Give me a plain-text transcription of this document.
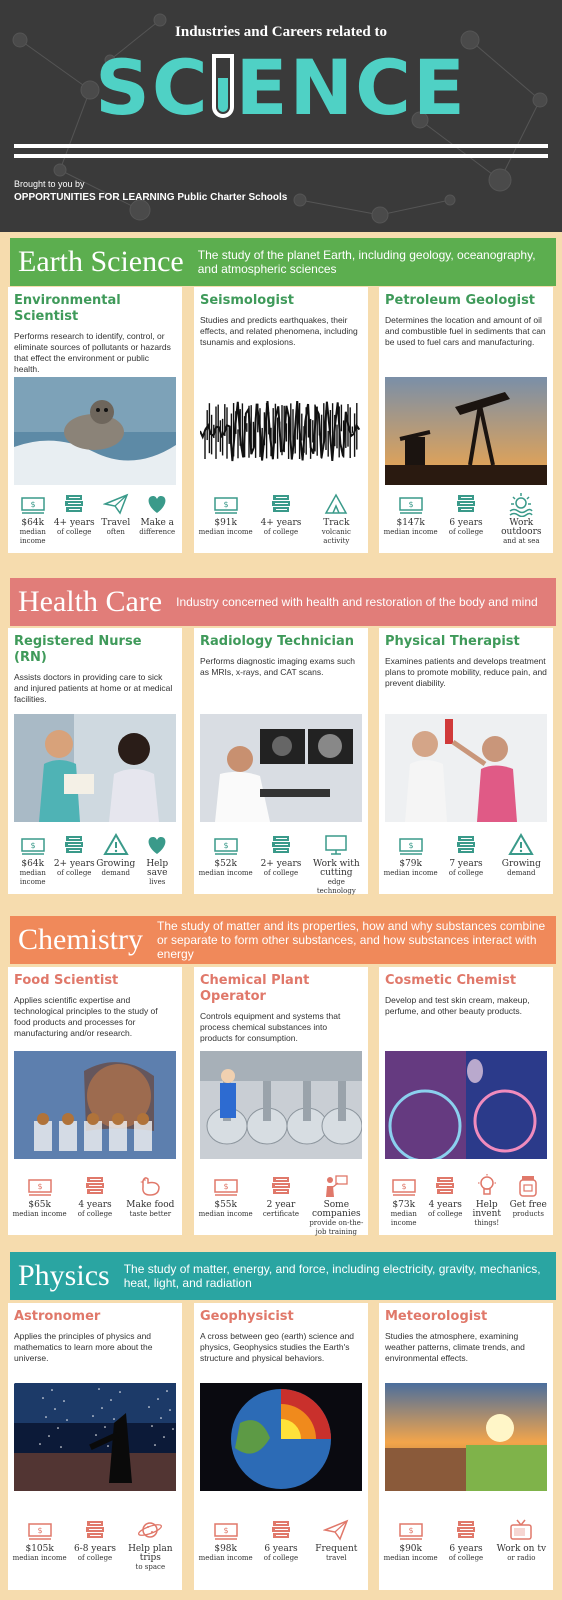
Industries and Careers related to
SC ENCE
Brought to you by
OPPORTUNITIES FOR LEARNING Public Charter Schools
Earth Science	The study of the planet Earth, including geology, oceanography, and atmospheric sciences
Environmental Scientist
Performs research to identify, control, or eliminate sources of pollutants or hazards that effect the environment or public health.
$
$64k
median income
4+ years
of college
Travel
often
Make a
difference
Seismologist
Studies and predicts earthquakes, their effects, and related phenomena, including tsunamis and explosions.
$
$91k
median income
4+ years
of college
Track
volcanic activity
Petroleum Geologist
Determines the location and amount of oil and combustible fuel in sediments that can be used to fuel cars and manufacturing.
$
$147k
median income
6 years
of college
Work outdoors
and at sea
Health Care	Industry concerned with health and restoration of the body and mind
Registered Nurse (RN)
Assists doctors in providing care to sick and injured patients at home or at medical facilities.
$
$64k
median income
2+ years
of college
Growing
demand
Help save
lives
Radiology Technician
Performs diagnostic imaging exams such as MRIs, x-rays, and CAT scans.
$
$52k
median income
2+ years
of college
Work with cutting
edge technology
Physical Therapist
Examines patients and develops treatment plans to promote mobility, reduce pain, and prevent diability.
$
$79k
median income
7 years
of college
Growing
demand
Chemistry	The study of matter and its properties, how and why substances combine or separate to form other substances, and how substances interact with energy
Food Scientist
Applies scientific expertise and technological principles to the study of food products and processes for manufacturing and/or research.
$
$65k
median income
4 years
of college
Make food
taste better
Chemical Plant Operator
Controls equipment and systems that process chemical substances into products for consumption.
$
$55k
median income
2 year
certificate
Some companies
provide on-the-job training
Cosmetic Chemist
Develop and test skin cream, makeup, perfume, and other beauty products.
$
$73k
median income
4 years
of college
Help invent
things!
Get free
products
Physics	The study of matter, energy, and force, including electricity, gravity, mechanics, heat, light, and radiation
Astronomer
Applies the principles of physics and mathematics to learn more about the universe.
$
$105k
median income
6-8 years
of college
Help plan trips
to space
Geophysicist
A cross between geo (earth) science and physics, Geophysics studies the Earth's structure and physical behaviors.
$
$98k
median income
6 years
of college
Frequent
travel
Meteorologist
Studies the atmosphere, examining weather patterns, climate trends, and environmental effects.
$
$90k
median income
6 years
of college
Work on tv
or radio
